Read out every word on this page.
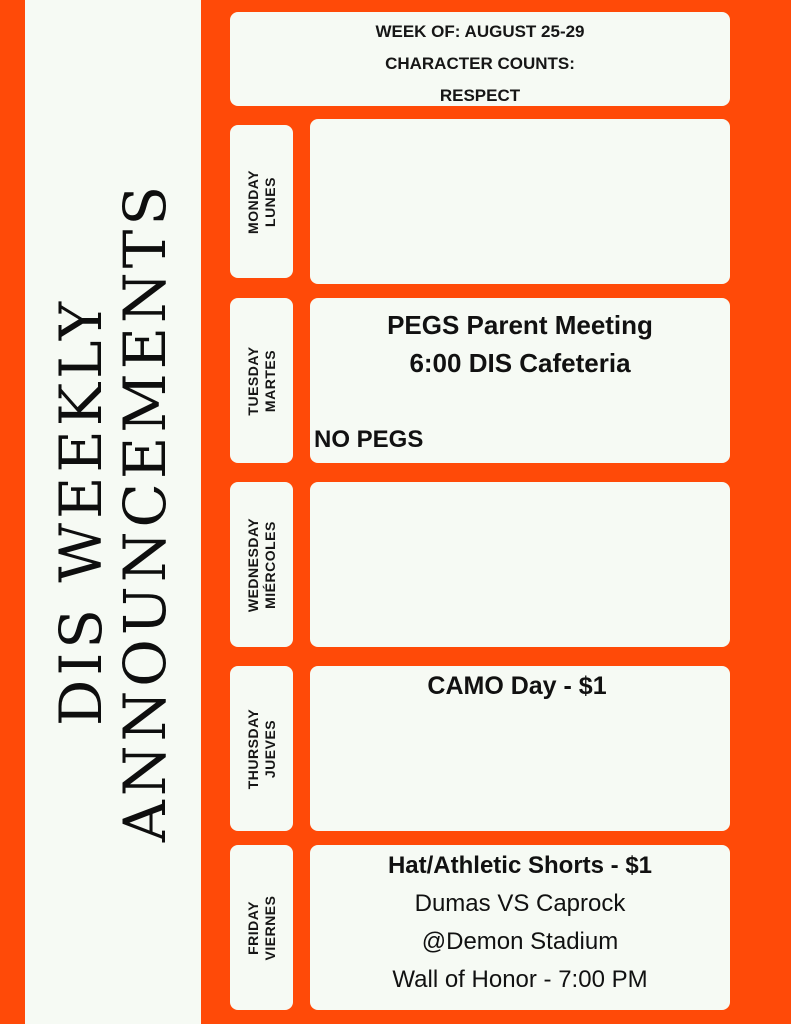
DIS WEEKLY
ANNOUNCEMENTS
WEEK OF: AUGUST 25-29
CHARACTER COUNTS:
RESPECT
MONDAY LUNES
TUESDAY MARTES
PEGS Parent Meeting
6:00 DIS Cafeteria
NO PEGS
WEDNESDAY MIÉRCOLES
THURSDAY JUEVES
CAMO Day - $1
FRIDAY VIERNES
Hat/Athletic Shorts - $1
Dumas VS Caprock
@Demon Stadium
Wall of Honor - 7:00 PM
